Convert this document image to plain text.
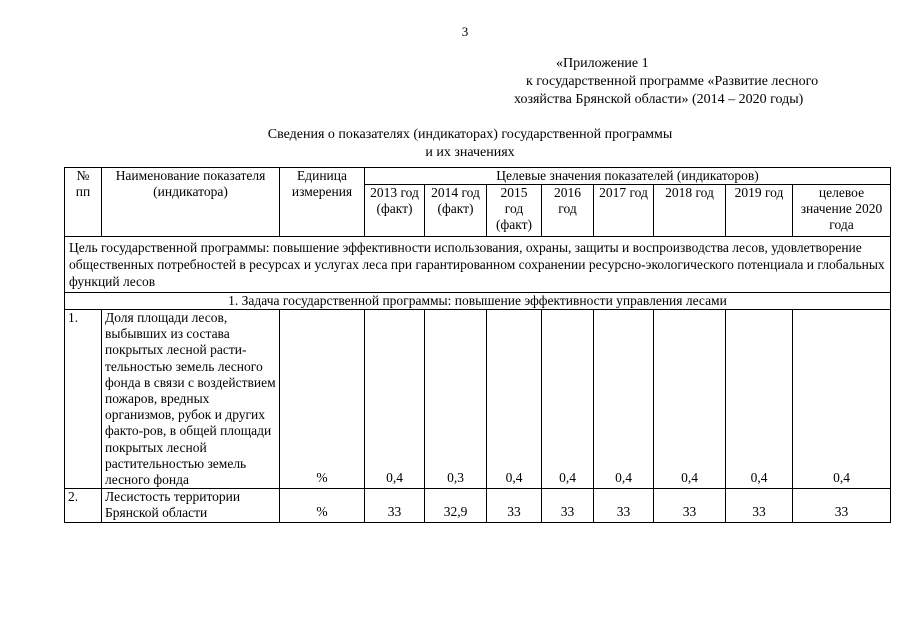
3
«Приложение 1
к государственной программе «Развитие лесного
хозяйства Брянской области» (2014 – 2020 годы)
Сведения о показателях (индикаторах) государственной программы
и их значениях
№ пп	Наименование показателя (индикатора)	Единица измерения	Целевые значения показателей (индикаторов)							
			2013 год (факт)	2014 год (факт)	2015 год (факт)	2016 год	2017 год	2018 год	2019 год	целевое значение 2020 года
Цель государственной программы: повышение эффективности использования, охраны, защиты и воспроизводства лесов, удовлетворение общественных потребностей в ресурсах и услугах леса при гарантированном сохранении ресурсно-экологического потенциала и глобальных функций лесов										
1. Задача государственной программы: повышение эффективности управления лесами										
1.	Доля площади лесов, выбывших из состава покрытых лесной расти-тельностью земель лесного фонда в связи с воздействием пожаров, вредных организмов, рубок и других факто-ров, в общей площади покрытых лесной растительностью земель лесного фонда	%	0,4	0,3	0,4	0,4	0,4	0,4	0,4	0,4
2.	Лесистость территории Брянской области	%	33	32,9	33	33	33	33	33	33
